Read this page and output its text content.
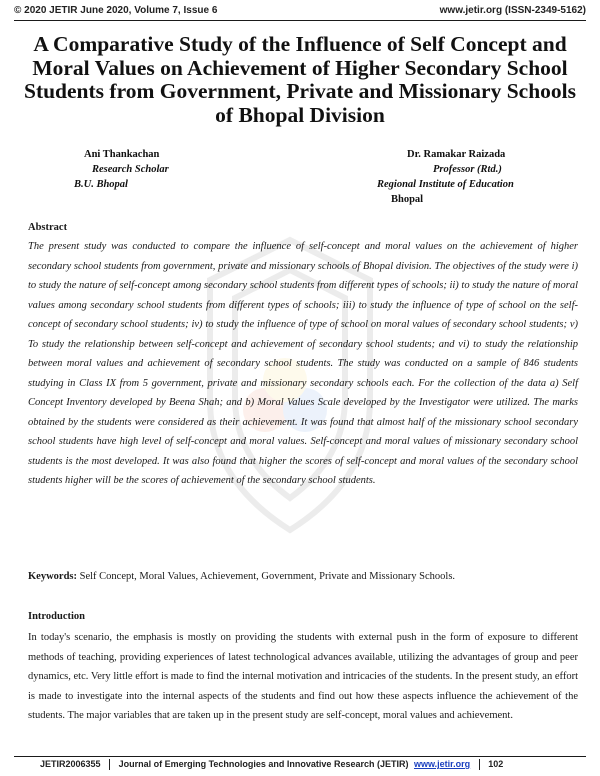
© 2020 JETIR June 2020, Volume 7, Issue 6	www.jetir.org (ISSN-2349-5162)
A Comparative Study of the Influence of Self Concept and Moral Values on Achievement of Higher Secondary School Students from Government, Private and Missionary Schools of Bhopal Division
Ani Thankachan
Research Scholar
B.U. Bhopal
Dr. Ramakar Raizada
Professor (Rtd.)
Regional Institute of Education
Bhopal
Abstract

The present study was conducted to compare the influence of self-concept and moral values on the achievement of higher secondary school students from government, private and missionary schools of Bhopal division. The objectives of the study were i) to study the nature of self-concept among secondary school students from different types of schools; ii) to study the nature of moral values among secondary school students from different types of schools; iii) to study the influence of type of school on the self-concept of secondary school students; iv) to study the influence of type of school on moral values of secondary school students; v) To study the relationship between self-concept and achievement of secondary school students; and vi) to study the relationship between moral values and achievement of secondary school students. The study was conducted on a sample of 846 students studying in Class IX from 5 government, private and missionary secondary schools each. For the collection of the data a) Self Concept Inventory developed by Beena Shah; and b) Moral Values Scale developed by the Investigator were utilized. The marks obtained by the students were considered as their achievement. It was found that almost half of the missionary school secondary school students have high level of self-concept and moral values. Self-concept and moral values of missionary secondary school students is the most developed. It was also found that higher the scores of self-concept and moral values of the secondary school students higher will be the scores of achievement of the secondary school students.

Keywords: Self Concept, Moral Values, Achievement, Government, Private and Missionary Schools.
Introduction

In today's scenario, the emphasis is mostly on providing the students with external push in the form of exposure to different methods of teaching, providing experiences of latest technological advances available, utilizing the advantages of group and peer dynamics, etc. Very little effort is made to find the internal motivation and intricacies of the students. In the present study, an effort is made to investigate into the internal aspects of the students and find out how these aspects influence the achievement of the students. The major variables that are taken up in the present study are self-concept, moral values and achievement.

JETIR2006355 Journal of Emerging Technologies and Innovative Research (JETIR) www.jetir.org 102
